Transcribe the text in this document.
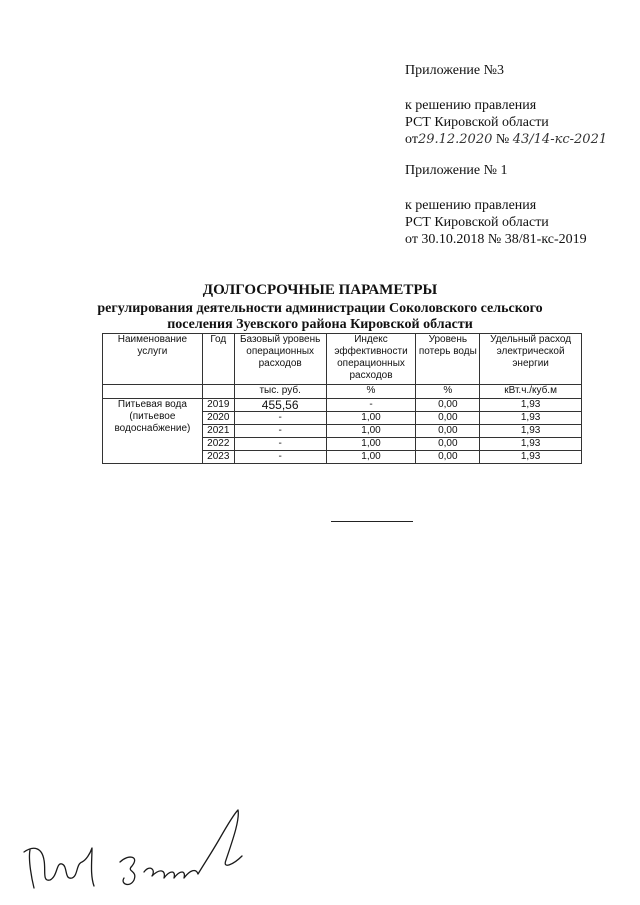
Приложение №3
к решению правления
РСТ Кировской области
от29.12.2020 № 43/14-кс-2021
Приложение № 1
к решению правления
РСТ Кировской области
от 30.10.2018 № 38/81-кс-2019
ДОЛГОСРОЧНЫЕ ПАРАМЕТРЫ
регулирования деятельности администрации Соколовского сельского
поселения Зуевского района Кировской области
Наименование услуги	Год	Базовый уровень операционных расходов	Индекс эффективности операционных расходов	Уровень потерь воды	Удельный расход электрической энергии
		тыс. руб.	%	%	кВт.ч./куб.м
Питьевая вода (питьевое водоснабжение)	2019	455,56	-	0,00	1,93
	2020	-	1,00	0,00	1,93
	2021	-	1,00	0,00	1,93
	2022	-	1,00	0,00	1,93
	2023	-	1,00	0,00	1,93
